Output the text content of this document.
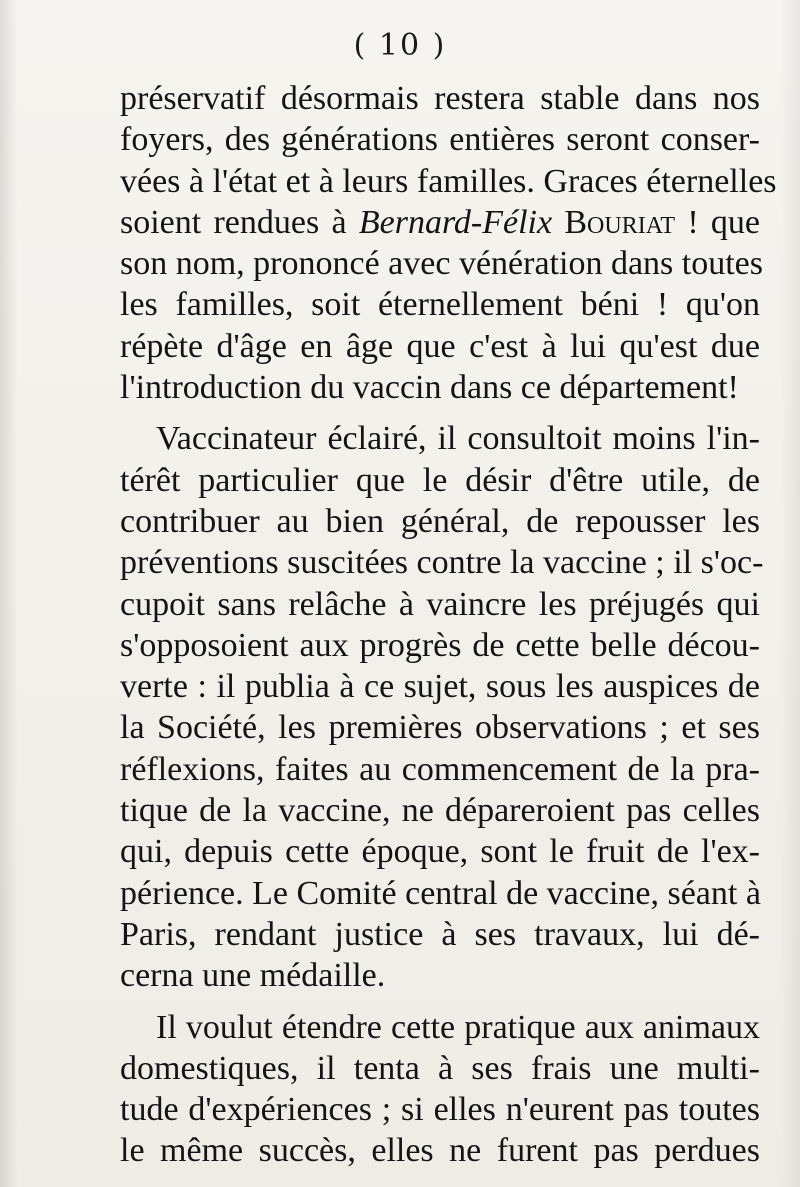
( 10 )
préservatif désormais restera stable dans nos
foyers, des générations entières seront conser-
vées à l'état et à leurs familles. Graces éternelles
soient rendues à Bernard-Félix Bouriat ! que
son nom, prononcé avec vénération dans toutes
les familles, soit éternellement béni ! qu'on
répète d'âge en âge que c'est à lui qu'est due
l'introduction du vaccin dans ce département!
Vaccinateur éclairé, il consultoit moins l'in-
térêt particulier que le désir d'être utile, de
contribuer au bien général, de repousser les
préventions suscitées contre la vaccine ; il s'oc-
cupoit sans relâche à vaincre les préjugés qui
s'opposoient aux progrès de cette belle décou-
verte : il publia à ce sujet, sous les auspices de
la Société, les premières observations ; et ses
réflexions, faites au commencement de la pra-
tique de la vaccine, ne dépareroient pas celles
qui, depuis cette époque, sont le fruit de l'ex-
périence. Le Comité central de vaccine, séant à
Paris, rendant justice à ses travaux, lui dé-
cerna une médaille.
Il voulut étendre cette pratique aux animaux
domestiques, il tenta à ses frais une multi-
tude d'expériences ; si elles n'eurent pas toutes
le même succès, elles ne furent pas perdues
